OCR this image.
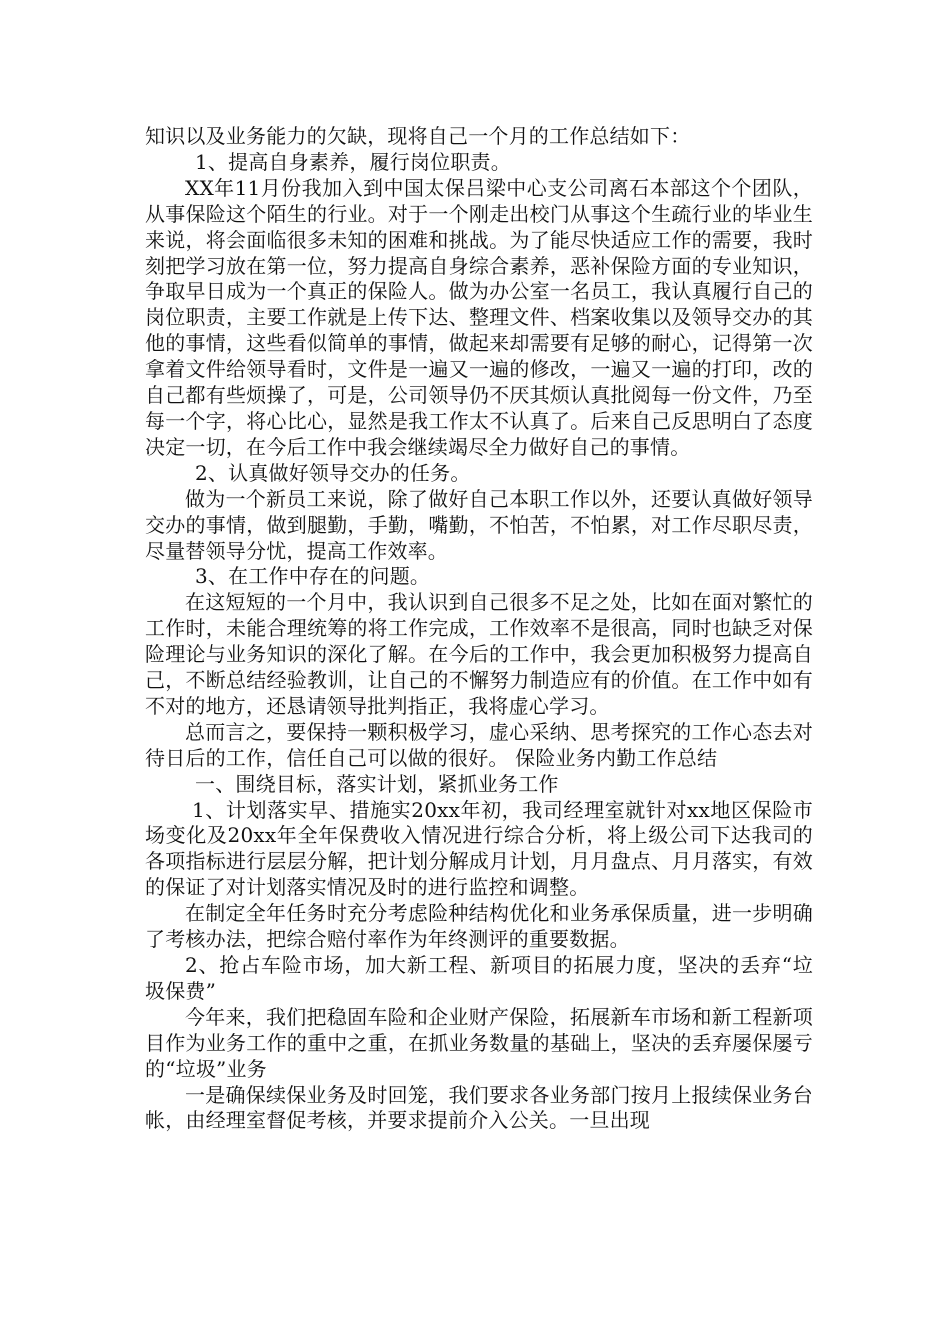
知识以及业务能力的欠缺，现将自己一个月的工作总结如下：

1、提高自身素养，履行岗位职责。

XX年11月份我加入到中国太保吕梁中心支公司离石本部这个个团队，从事保险这个陌生的行业。对于一个刚走出校门从事这个生疏行业的毕业生来说，将会面临很多未知的困难和挑战。为了能尽快适应工作的需要，我时刻把学习放在第一位，努力提高自身综合素养，恶补保险方面的专业知识，争取早日成为一个真正的保险人。做为办公室一名员工，我认真履行自己的岗位职责，主要工作就是上传下达、整理文件、档案收集以及领导交办的其他的事情，这些看似简单的事情，做起来却需要有足够的耐心，记得第一次拿着文件给领导看时，文件是一遍又一遍的修改，一遍又一遍的打印，改的自己都有些烦操了，可是，公司领导仍不厌其烦认真批阅每一份文件，乃至每一个字，将心比心，显然是我工作太不认真了。后来自己反思明白了态度决定一切，在今后工作中我会继续竭尽全力做好自己的事情。

2、认真做好领导交办的任务。

做为一个新员工来说，除了做好自己本职工作以外，还要认真做好领导交办的事情，做到腿勤，手勤，嘴勤，不怕苦，不怕累，对工作尽职尽责，尽量替领导分忧，提高工作效率。

3、在工作中存在的问题。

在这短短的一个月中，我认识到自己很多不足之处，比如在面对繁忙的工作时，未能合理统筹的将工作完成，工作效率不是很高，同时也缺乏对保险理论与业务知识的深化了解。在今后的工作中，我会更加积极努力提高自己，不断总结经验教训，让自己的不懈努力制造应有的价值。在工作中如有不对的地方，还恳请领导批判指正，我将虚心学习。

总而言之，要保持一颗积极学习，虚心采纳、思考探究的工作心态去对待日后的工作，信任自己可以做的很好。 保险业务内勤工作总结

一、围绕目标，落实计划，紧抓业务工作

1、计划落实早、措施实20xx年初，我司经理室就针对xx地区保险市场变化及20xx年全年保费收入情况进行综合分析，将上级公司下达我司的各项指标进行层层分解，把计划分解成月计划，月月盘点、月月落实，有效的保证了对计划落实情况及时的进行监控和调整。

在制定全年任务时充分考虑险种结构优化和业务承保质量，进一步明确了考核办法，把综合赔付率作为年终测评的重要数据。

2、抢占车险市场，加大新工程、新项目的拓展力度，坚决的丢弃“垃圾保费”

今年来，我们把稳固车险和企业财产保险，拓展新车市场和新工程新项目作为业务工作的重中之重，在抓业务数量的基础上，坚决的丢弃屡保屡亏的“垃圾”业务

一是确保续保业务及时回笼，我们要求各业务部门按月上报续保业务台帐，由经理室督促考核，并要求提前介入公关。一旦出现
